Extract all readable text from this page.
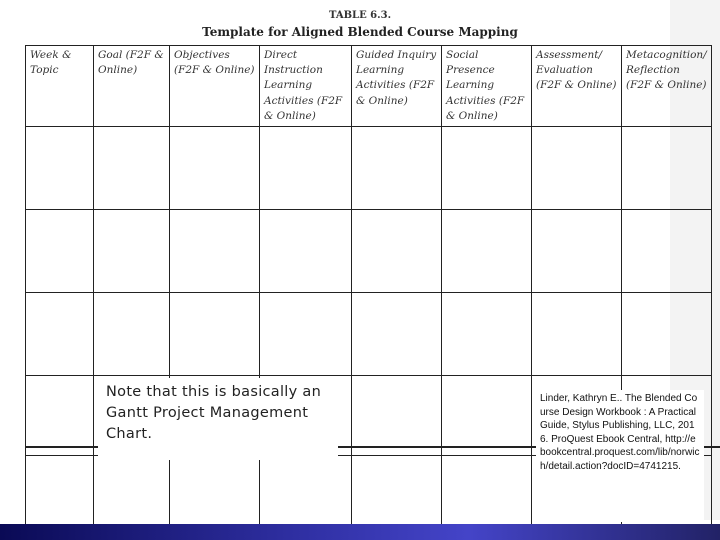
TABLE 6.3.
Template for Aligned Blended Course Mapping
Week & Topic	Goal (F2F & Online)	Objectives (F2F & Online)	Direct Instruction Learning Activities (F2F & Online)	Guided Inquiry Learning Activities (F2F & Online)	Social Presence Learning Activities (F2F & Online)	Assessment/ Evaluation (F2F & Online)	Metacognition/ Reflection (F2F & Online)

Note that this is basically an Gantt Project Management Chart.
Linder, Kathryn E.. The Blended Course Design Workbook : A Practical Guide, Stylus Publishing, LLC, 2016. ProQuest Ebook Central, http://ebookcentral.proquest.com/lib/norwich/detail.action?docID=4741215.
